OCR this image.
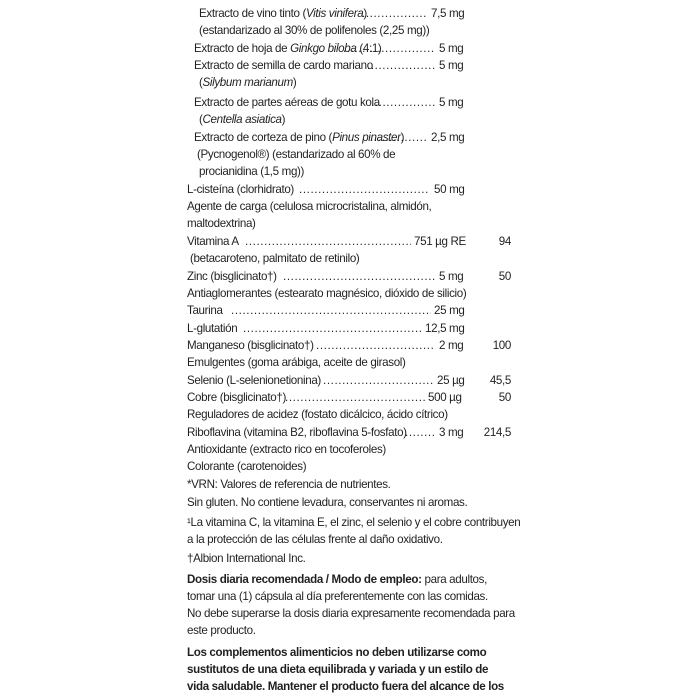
Extracto de vino tinto (Vitis vinifera) .....	7,5 mg
(estandarizado al 30% de polifenoles (2,25 mg))
Extracto de hoja de Ginkgo biloba (4:1) .....	5 mg
Extracto de semilla de cardo mariano .....	5 mg
(Silybum marianum)
Extracto de partes aéreas de gotu kola .....	5 mg
(Centella asiatica)
Extracto de corteza de pino (Pinus pinaster) ..... 2,5 mg
(Pycnogenol®) (estandarizado al 60% de
procianidina (1,5 mg))
L-cisteína (clorhidrato) .....	50 mg
Agente de carga (celulosa microcristalina, almidón,
maltodextrina)
Vitamina A .....	751 µg RE	94
(betacaroteno, palmitato de retinilo)
Zinc (bisglicinato†) .....	5 mg	50
Antiaglomerantes (estearato magnésico, dióxido de silicio)
Taurina .....	25 mg
L-glutatión .....	12,5 mg
Manganeso (bisglicinato†) .....	2 mg	100
Emulgentes (goma arábiga, aceite de girasol)
Selenio (L-selenionetionina) .....	25 µg	45,5
Cobre (bisglicinato†) .....	500 µg	50
Reguladores de acidez (fostato dicálcico, ácido cítrico)
Riboflavina (vitamina B2, riboflavina 5-fosfato) .....	3 mg	214,5
Antioxidante (extracto rico en tocoferoles)
Colorante (carotenoides)
*VRN: Valores de referencia de nutrientes.
Sin gluten. No contiene levadura, conservantes ni aromas.
¹La vitamina C, la vitamina E, el zinc, el selenio y el cobre contribuyen
a la protección de las células frente al daño oxidativo.
†Albion International Inc.
Dosis diaria recomendada / Modo de empleo: para adultos,
tomar una (1) cápsula al día preferentemente con las comidas.
No debe superarse la dosis diaria expresamente recomendada para
este producto.
Los complementos alimenticios no deben utilizarse como
sustitutos de una dieta equilibrada y variada y un estilo de
vida saludable. Mantener el producto fuera del alcance de los
